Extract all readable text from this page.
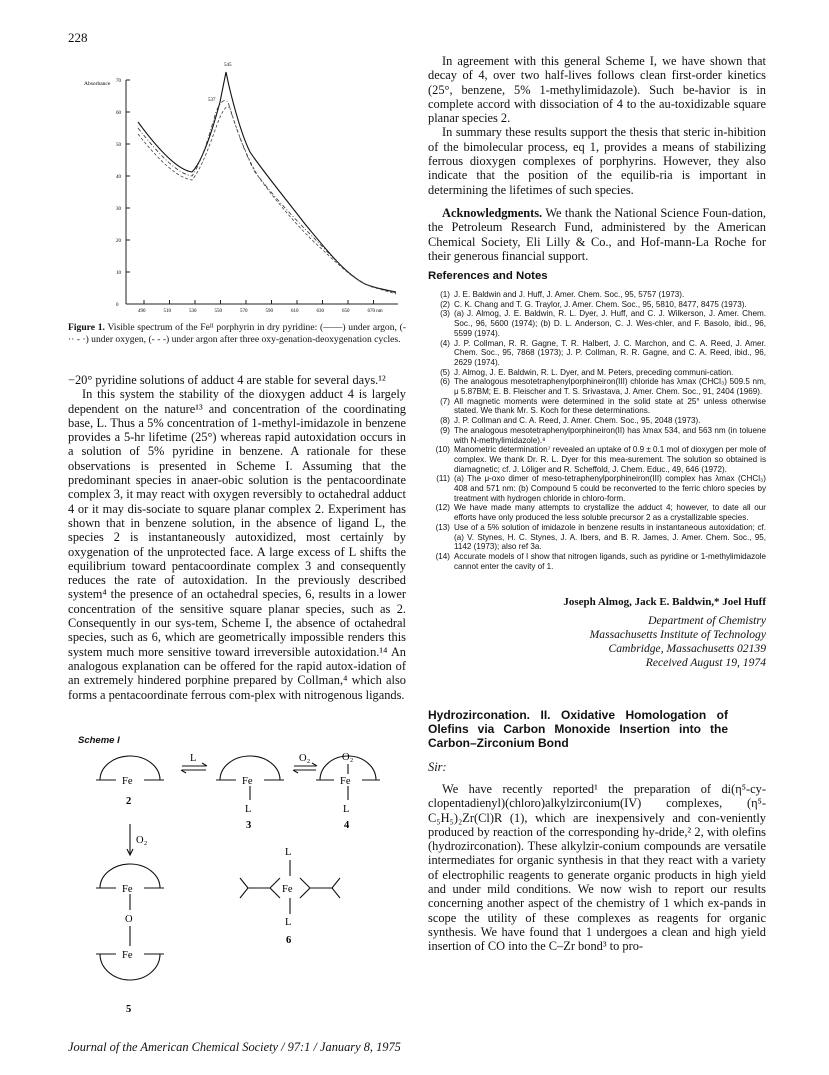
228
70
60
50
40
30
20
10
0
490	510	530	550	570	590	610	630	650	670 nm
Absorbance
545
537
Figure 1. Visible spectrum of the Feᴵᴵ porphyrin in dry pyridine: (——) under argon, (- ·· - ·) under oxygen, (- - -) under argon after three oxy-genation-deoxygenation cycles.

−20° pyridine solutions of adduct 4 are stable for several days.¹²

In this system the stability of the dioxygen adduct 4 is largely dependent on the nature¹³ and concentration of the coordinating base, L. Thus a 5% concentration of 1-methyl-imidazole in benzene provides a 5-hr lifetime (25°) whereas rapid autoxidation occurs in a solution of 5% pyridine in benzene. A rationale for these observations is presented in Scheme I. Assuming that the predominant species in anaer-obic solution is the pentacoordinate complex 3, it may react with oxygen reversibly to octahedral adduct 4 or it may dis-sociate to square planar complex 2. Experiment has shown that in benzene solution, in the absence of ligand L, the species 2 is instantaneously autoxidized, most certainly by oxygenation of the unprotected face. A large excess of L shifts the equilibrium toward pentacoordinate complex 3 and consequently reduces the rate of autoxidation. In the previously described system⁴ the presence of an octahedral species, 6, results in a lower concentration of the sensitive square planar species, such as 2. Consequently in our sys-tem, Scheme I, the absence of octahedral species, such as 6, which are geometrically impossible renders this system much more sensitive toward irreversible autoxidation.¹⁴ An analogous explanation can be offered for the rapid autox-idation of an extremely hindered porphine prepared by Collman,⁴ which also forms a pentacoordinate ferrous com-plex with nitrogenous ligands.

Scheme I
Fe
2
L
Fe
L
3
O₂	O₂
Fe
L
4
O₂
Fe
O
Fe
5
L
Fe
L
6

In agreement with this general Scheme I, we have shown that decay of 4, over two half-lives follows clean first-order kinetics (25°, benzene, 5% 1-methylimidazole). Such be-havior is in complete accord with dissociation of 4 to the au-toxidizable square planar species 2.

In summary these results support the thesis that steric in-hibition of the bimolecular process, eq 1, provides a means of stabilizing ferrous dioxygen complexes of porphyrins. However, they also indicate that the position of the equilib-ria is important in determining the lifetimes of such species.

Acknowledgments. We thank the National Science Foun-dation, the Petroleum Research Fund, administered by the American Chemical Society, Eli Lilly & Co., and Hof-mann-La Roche for their generous financial support.

References and Notes
(1) J. E. Baldwin and J. Huff, J. Amer. Chem. Soc., 95, 5757 (1973).
(2) C. K. Chang and T. G. Traylor, J. Amer. Chem. Soc., 95, 5810, 8477, 8475 (1973).
(3) (a) J. Almog, J. E. Baldwin, R. L. Dyer, J. Huff, and C. J. Wilkerson, J. Amer. Chem. Soc., 96, 5600 (1974); (b) D. L. Anderson, C. J. Wes-chler, and F. Basolo, ibid., 96, 5599 (1974).
(4) J. P. Collman, R. R. Gagne, T. R. Halbert, J. C. Marchon, and C. A. Reed, J. Amer. Chem. Soc., 95, 7868 (1973); J. P. Collman, R. R. Gagne, and C. A. Reed, ibid., 96, 2629 (1974).
(5) J. Almog, J. E. Baldwin, R. L. Dyer, and M. Peters, preceding communi-cation.
(6) The analogous mesotetraphenylporphineiron(III) chloride has λmax (CHCl₃) 509.5 nm, μ 5.87BM; E. B. Fleischer and T. S. Srivastava, J. Amer. Chem. Soc., 91, 2404 (1969).
(7) All magnetic moments were determined in the solid state at 25° unless otherwise stated. We thank Mr. S. Koch for these determinations.
(8) J. P. Collman and C. A. Reed, J. Amer. Chem. Soc., 95, 2048 (1973).
(9) The analogous mesotetraphenylporphineiron(II) has λmax 534, and 563 nm (in toluene with N-methylimidazole).⁸
(10) Manometric determination⁷ revealed an uptake of 0.9 ± 0.1 mol of dioxygen per mole of complex. We thank Dr. R. L. Dyer for this mea-surement. The solution so obtained is diamagnetic; cf. J. Löliger and R. Scheffold, J. Chem. Educ., 49, 646 (1972).
(11) (a) The μ-oxo dimer of meso-tetraphenylporphineiron(III) complex has λmax (CHCl₃) 408 and 571 nm: (b) Compound 5 could be reconverted to the ferric chloro species by treatment with hydrogen chloride in chloro-form.
(12) We have made many attempts to crystallize the adduct 4; however, to date all our efforts have only produced the less soluble precursor 2 as a crystallizable species.
(13) Use of a 5% solution of imidazole in benzene results in instantaneous autoxidation; cf. (a) V. Stynes, H. C. Stynes, J. A. Ibers, and B. R. James, J. Amer. Chem. Soc., 95, 1142 (1973); also ref 3a.
(14) Accurate models of I show that nitrogen ligands, such as pyridine or 1-methylimidazole cannot enter the cavity of 1.
Joseph Almog, Jack E. Baldwin,* Joel Huff
Department of Chemistry
Massachusetts Institute of Technology
Cambridge, Massachusetts 02139
Received August 19, 1974
Hydrozirconation. II. Oxidative Homologation of Olefins via Carbon Monoxide Insertion into the Carbon–Zirconium Bond
Sir:

We have recently reported¹ the preparation of di(η⁵-cy-clopentadienyl)(chloro)alkylzirconium(IV) complexes, (η⁵-C₅H₅)₂Zr(Cl)R (1), which are inexpensively and con-veniently produced by reaction of the corresponding hy-dride,² 2, with olefins (hydrozirconation). These alkylzir-conium compounds are versatile intermediates for organic synthesis in that they react with a variety of electrophilic reagents to generate organic products in high yield and under mild conditions. We now wish to report our results concerning another aspect of the chemistry of 1 which ex-pands in scope the utility of these complexes as reagents for organic synthesis. We have found that 1 undergoes a clean and high yield insertion of CO into the C–Zr bond³ to pro-

Journal of the American Chemical Society / 97:1 / January 8, 1975
